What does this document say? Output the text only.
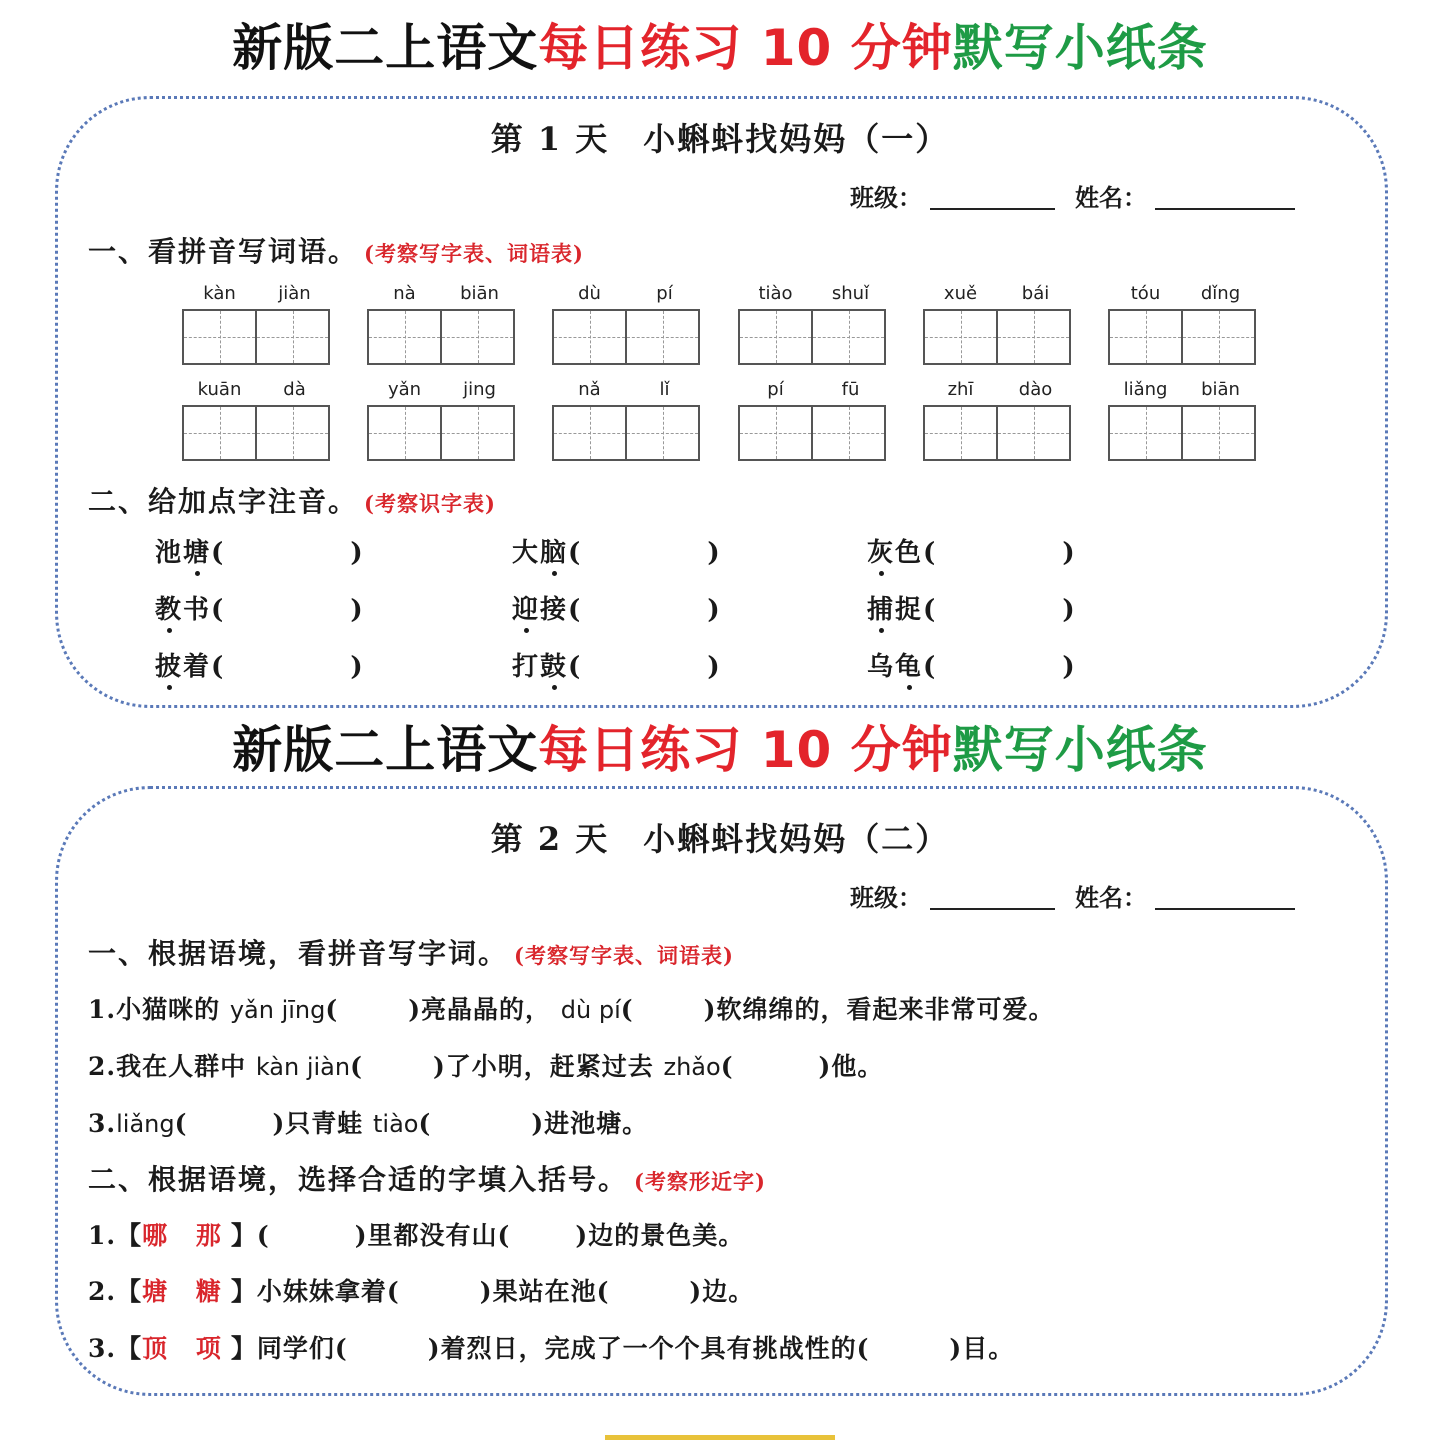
新版二上语文每日练习 10 分钟默写小纸条
第 1 天　小蝌蚪找妈妈（一）
班级：	姓名：
一、看拼音写词语。 (考察写字表、词语表)
kàn	jiàn	nà	biān	dù	pí	tiào	shuǐ	xuě	bái	tóu	dǐng
kuān	dà	yǎn	jing	nǎ	lǐ	pí	fū	zhī	dào	liǎng	biān
二、给加点字注音。 (考察识字表)
池塘(	)	大脑(	)	灰色(	)
教书(	)	迎接(	)	捕捉(	)
披着(	)	打鼓(	)	乌龟(	)
新版二上语文每日练习 10 分钟默写小纸条
第 2 天　小蝌蚪找妈妈（二）
班级：	姓名：
一、根据语境，看拼音写字词。 (考察写字表、词语表)
1.小猫咪的 yǎn jīng(	)亮晶晶的， dù pí(	)软绵绵的，看起来非常可爱。
2.我在人群中 kàn jiàn(	)了小明，赶紧过去 zhǎo(	)他。
3.liǎng(	)只青蛙 tiào(	)进池塘。
二、根据语境，选择合适的字填入括号。 (考察形近字)
1.【哪 那】(	)里都没有山(	)边的景色美。
2.【塘 糖】小妹妹拿着(	)果站在池(	)边。
3.【顶 项】同学们(	)着烈日，完成了一个个具有挑战性的(	)目。
